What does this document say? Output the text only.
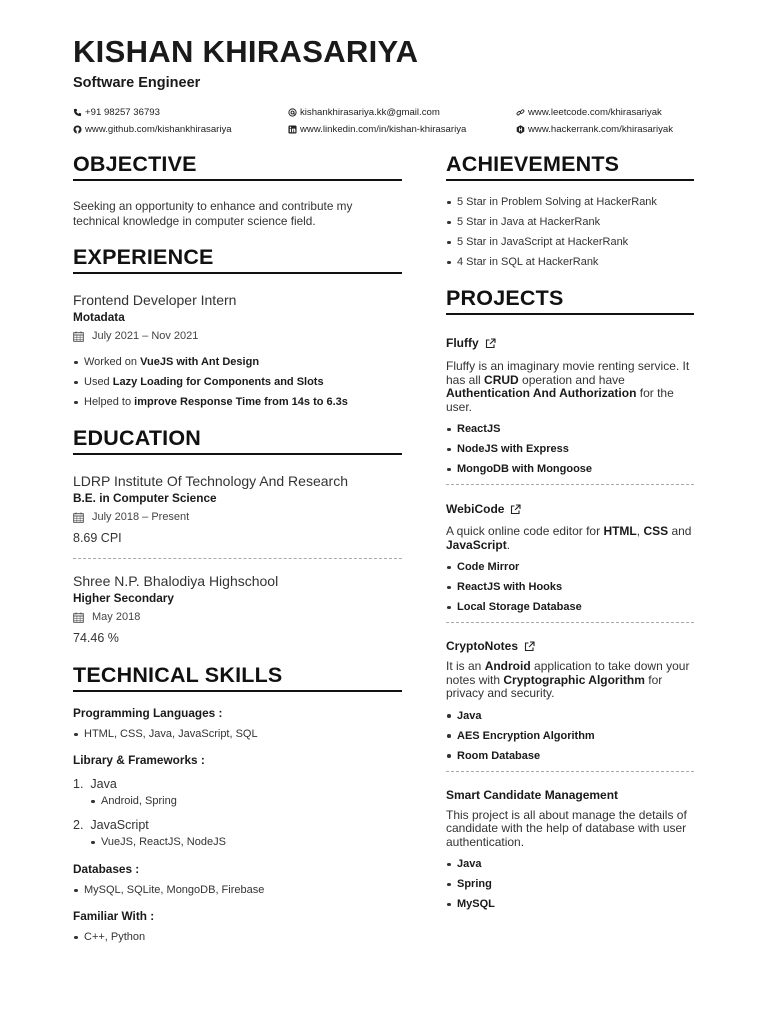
KISHAN KHIRASARIYA
Software Engineer
+91 98257 36793	kishankhirasariya.kk@gmail.com	www.leetcode.com/khirasariyak
www.github.com/kishankhirasariya	www.linkedin.com/in/kishan-khirasariya	www.hackerrank.com/khirasariyak
OBJECTIVE
Seeking an opportunity to enhance and contribute my technical knowledge in computer science field.
EXPERIENCE
Frontend Developer Intern
Motadata
July 2021 – Nov 2021
Worked on VueJS with Ant Design
Used Lazy Loading for Components and Slots
Helped to improve Response Time from 14s to 6.3s
EDUCATION
LDRP Institute Of Technology And Research
B.E. in Computer Science
July 2018 – Present
8.69 CPI
Shree N.P. Bhalodiya Highschool
Higher Secondary
May 2018
74.46 %
TECHNICAL SKILLS
Programming Languages :
HTML, CSS, Java, JavaScript, SQL
Library & Frameworks :
1. Java
Android, Spring
2. JavaScript
VueJS, ReactJS, NodeJS
Databases :
MySQL, SQLite, MongoDB, Firebase
Familiar With :
C++, Python
ACHIEVEMENTS
5 Star in Problem Solving at HackerRank
5 Star in Java at HackerRank
5 Star in JavaScript at HackerRank
4 Star in SQL at HackerRank
PROJECTS
Fluffy
Fluffy is an imaginary movie renting service. It has all CRUD operation and have Authentication And Authorization for the user.
ReactJS
NodeJS with Express
MongoDB with Mongoose
WebiCode
A quick online code editor for HTML, CSS and JavaScript.
Code Mirror
ReactJS with Hooks
Local Storage Database
CryptoNotes
It is an Android application to take down your notes with Cryptographic Algorithm for privacy and security.
Java
AES Encryption Algorithm
Room Database
Smart Candidate Management
This project is all about manage the details of candidate with the help of database with user authentication.
Java
Spring
MySQL
